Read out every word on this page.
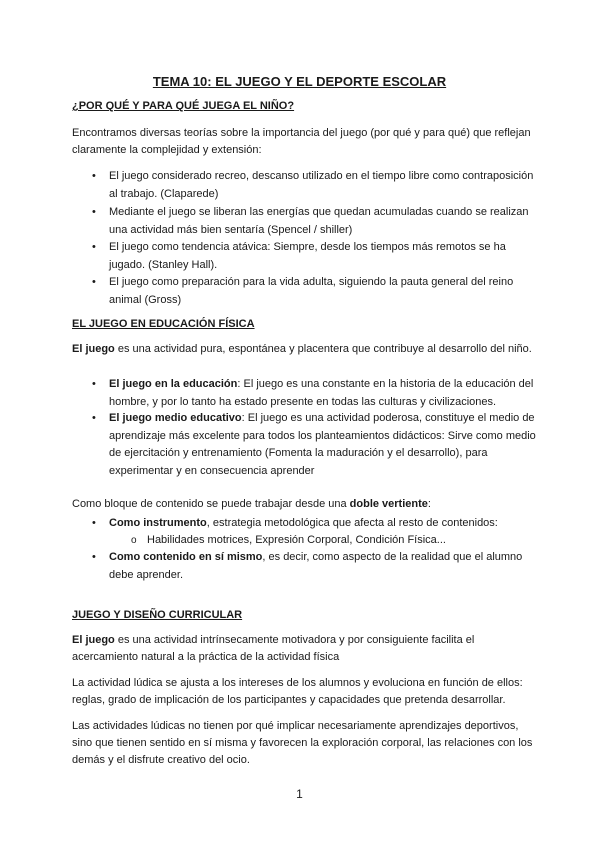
TEMA 10: EL JUEGO Y EL DEPORTE ESCOLAR
¿POR QUÉ Y PARA QUÉ JUEGA EL NIÑO?

Encontramos diversas teorías sobre la importancia del juego (por qué y para qué) que reflejan claramente la complejidad y extensión:

• El juego considerado recreo, descanso utilizado en el tiempo libre como contraposición al trabajo. (Claparede)

• Mediante el juego se liberan las energías que quedan acumuladas cuando se realizan una actividad más bien sentaría (Spencel / shiller)

• El juego como tendencia atávica: Siempre, desde los tiempos más remotos se ha jugado. (Stanley Hall).

• El juego como preparación para la vida adulta, siguiendo la pauta general del reino animal (Gross)

EL JUEGO EN EDUCACIÓN FÍSICA

El juego es una actividad pura, espontánea y placentera que contribuye al desarrollo del niño.

• El juego en la educación: El juego es una constante en la historia de la educación del hombre, y por lo tanto ha estado presente en todas las culturas y civilizaciones.

• El juego medio educativo: El juego es una actividad poderosa, constituye el medio de aprendizaje más excelente para todos los planteamientos didácticos: Sirve como medio de ejercitación y entrenamiento (Fomenta la maduración y el desarrollo), para experimentar y en consecuencia aprender

Como bloque de contenido se puede trabajar desde una doble vertiente:

• Como instrumento, estrategia metodológica que afecta al resto de contenidos:

o Habilidades motrices, Expresión Corporal, Condición Física...

• Como contenido en sí mismo, es decir, como aspecto de la realidad que el alumno debe aprender.

JUEGO Y DISEÑO CURRICULAR

El juego es una actividad intrínsecamente motivadora y por consiguiente facilita el acercamiento natural a la práctica de la actividad física

La actividad lúdica se ajusta a los intereses de los alumnos y evoluciona en función de ellos: reglas, grado de implicación de los participantes y capacidades que pretenda desarrollar.

Las actividades lúdicas no tienen por qué implicar necesariamente aprendizajes deportivos, sino que tienen sentido en sí misma y favorecen la exploración corporal, las relaciones con los demás y el disfrute creativo del ocio.

1
